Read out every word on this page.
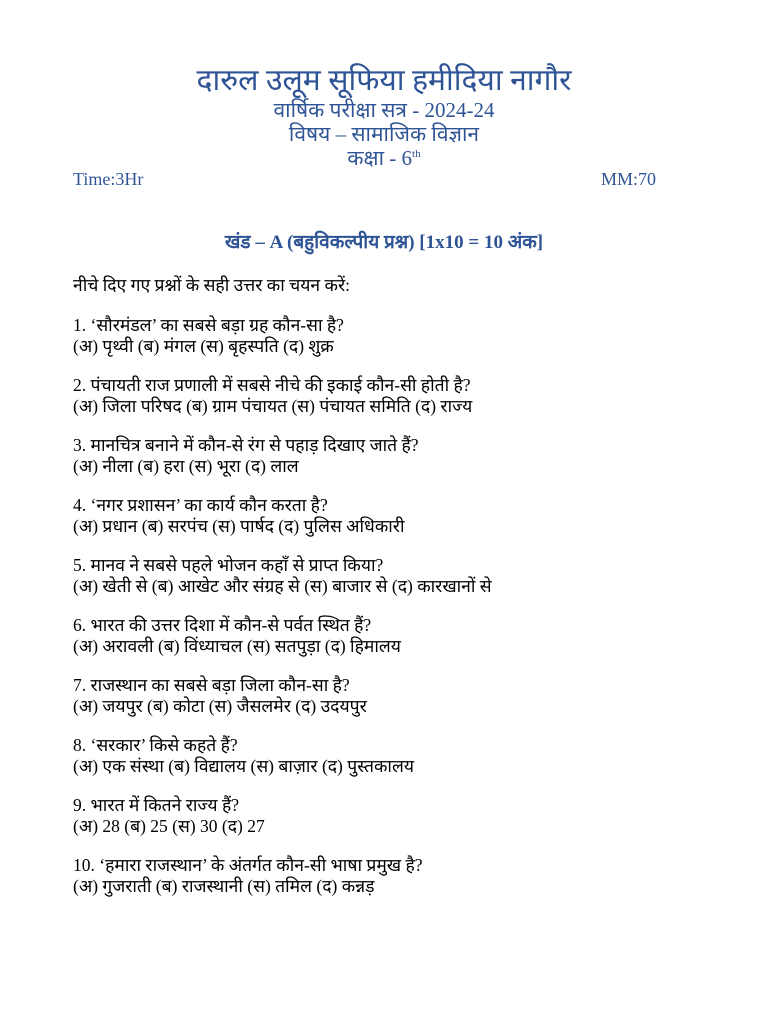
दारुल उलूम सूफिया हमीदिया नागौर
वार्षिक परीक्षा सत्र - 2024-24
विषय – सामाजिक विज्ञान
कक्षा - 6th
Time:3Hr	MM:70
खंड – A (बहुविकल्पीय प्रश्न) [1x10 = 10 अंक]
नीचे दिए गए प्रश्नों के सही उत्तर का चयन करें:
1. ‘सौरमंडल’ का सबसे बड़ा ग्रह कौन-सा है?
(अ) पृथ्वी (ब) मंगल (स) बृहस्पति (द) शुक्र
2. पंचायती राज प्रणाली में सबसे नीचे की इकाई कौन-सी होती है?
(अ) जिला परिषद (ब) ग्राम पंचायत (स) पंचायत समिति (द) राज्य
3. मानचित्र बनाने में कौन-से रंग से पहाड़ दिखाए जाते हैं?
(अ) नीला (ब) हरा (स) भूरा (द) लाल
4. ‘नगर प्रशासन’ का कार्य कौन करता है?
(अ) प्रधान (ब) सरपंच (स) पार्षद (द) पुलिस अधिकारी
5. मानव ने सबसे पहले भोजन कहाँ से प्राप्त किया?
(अ) खेती से (ब) आखेट और संग्रह से (स) बाजार से (द) कारखानों से
6. भारत की उत्तर दिशा में कौन-से पर्वत स्थित हैं?
(अ) अरावली (ब) विंध्याचल (स) सतपुड़ा (द) हिमालय
7. राजस्थान का सबसे बड़ा जिला कौन-सा है?
(अ) जयपुर (ब) कोटा (स) जैसलमेर (द) उदयपुर
8. ‘सरकार’ किसे कहते हैं?
(अ) एक संस्था (ब) विद्यालय (स) बाज़ार (द) पुस्तकालय
9. भारत में कितने राज्य हैं?
(अ) 28 (ब) 25 (स) 30 (द) 27
10. ‘हमारा राजस्थान’ के अंतर्गत कौन-सी भाषा प्रमुख है?
(अ) गुजराती (ब) राजस्थानी (स) तमिल (द) कन्नड़
